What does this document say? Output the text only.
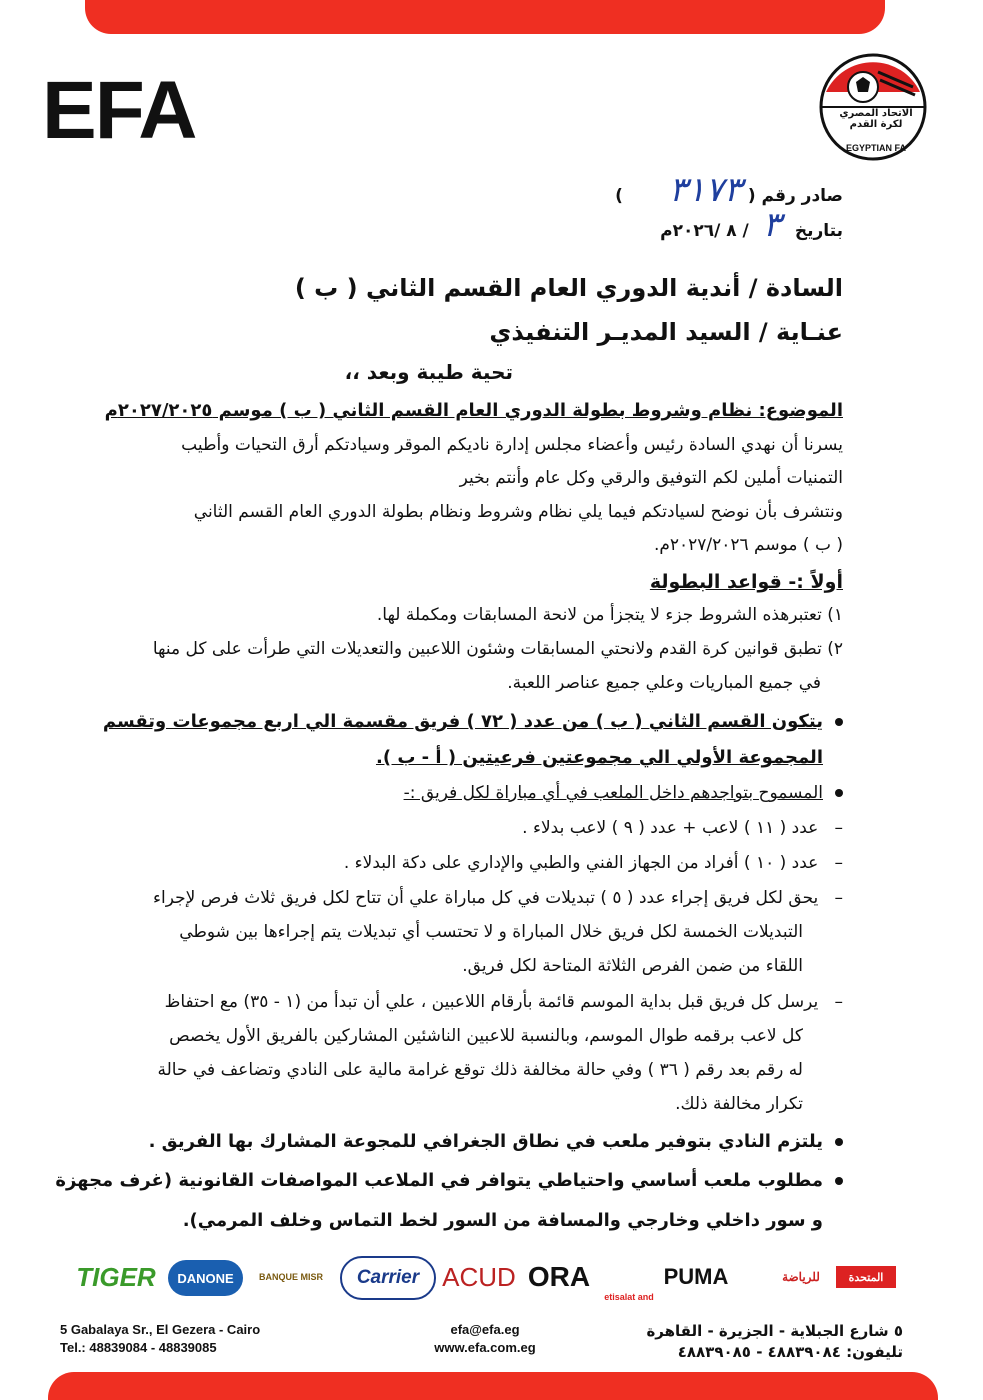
EFA	الاتحاد المصري
لكرة القدم
EGYPTIAN FA
صادر رقم ( ٣١٧٣ )
بتاريخ ٣ / ٨ /٢٠٢٦م
السادة / أندية الدوري العام القسم الثاني ( ب )
عنـاية / السيد المديـر التنفيذي
تحية طيبة وبعد ،،
الموضوع: نظام وشروط بطولة الدوري العام القسم الثاني ( ب ) موسم ٢٠٢٧/٢٠٢٥م
يسرنا أن نهدي السادة رئيس وأعضاء مجلس إدارة ناديكم الموقر وسيادتكم أرق التحيات وأطيب
التمنيات أملين لكم التوفيق والرقي وكل عام وأنتم بخير
ونتشرف بأن نوضح لسيادتكم فيما يلي نظام وشروط ونظام بطولة الدوري العام القسم الثاني
( ب ) موسم ٢٠٢٧/٢٠٢٦م.
أولاً :- قواعد البطولة
١) تعتبرهذه الشروط جزء لا يتجزأ من لانحة المسابقات ومكملة لها.
٢) تطبق قوانين كرة القدم ولانحتي المسابقات وشئون اللاعبين والتعديلات التي طرأت على كل منها
في جميع المباريات وعلي جميع عناصر اللعبة.
يتكون القسم الثاني ( ب ) من عدد ( ٧٢ ) فريق مقسمة الي اربع مجموعات وتقسم
المجموعة الأولي الي مجموعتين فرعيتين ( أ - ب ).
المسموح بتواجدهم داخل الملعب في أي مباراة لكل فريق :-
–   عدد ( ١١ ) لاعب + عدد ( ٩ ) لاعب بدلاء .
–   عدد ( ١٠ ) أفراد من الجهاز الفني والطبي والإداري على دكة البدلاء .
–   يحق لكل فريق إجراء عدد ( ٥ ) تبديلات في كل مباراة علي أن تتاح لكل فريق ثلاث فرص لإجراء
التبديلات الخمسة لكل فريق خلال المباراة و لا تحتسب أي تبديلات يتم إجراءها بين شوطي
اللقاء من ضمن الفرص الثلاثة المتاحة لكل فريق.
–   يرسل كل فريق قبل بداية الموسم قائمة بأرقام اللاعبين ، علي أن تبدأ من (١ - ٣٥) مع احتفاظ
كل لاعب برقمه طوال الموسم، وبالنسبة للاعبين الناشئين المشاركين بالفريق الأول يخصص
له رقم بعد رقم ( ٣٦ ) وفي حالة مخالفة ذلك توقع غرامة مالية على النادي وتضاعف في حالة
تكرار مخالفة ذلك.
يلتزم النادي بتوفير ملعب في نطاق الجغرافي للمجوعة المشارك بها الفريق .
مطلوب ملعب أساسي واحتياطي يتوافر في الملاعب المواصفات القانونية (غرف مجهزة
و سور داخلي وخارجي والمسافة من السور لخط التماس وخلف المرمي).
TIGER	DANONE	BANQUE MISR	Carrier ACUD ORA
etisalat and
PUMA	للرياضة	المتحدة
5 Gabalaya Sr., El Gezera - Cairo
Tel.: 48839084 - 48839085
efa@efa.eg
www.efa.com.eg
٥ شارع الجبلاية - الجزيرة - القاهرة
تليفون: ٤٨٨٣٩٠٨٤ - ٤٨٨٣٩٠٨٥
